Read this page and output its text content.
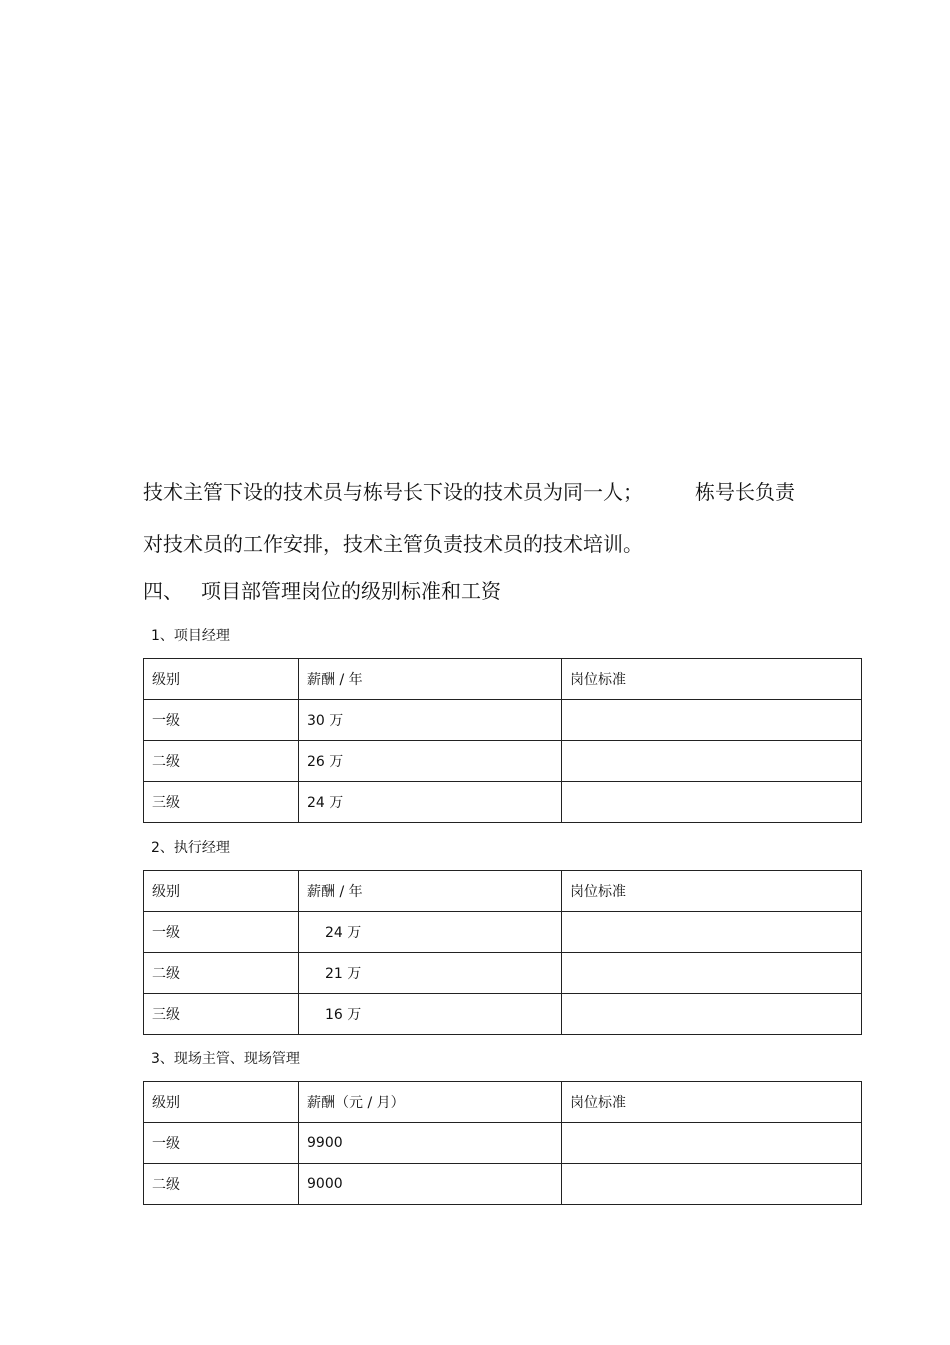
技术主管下设的技术员与栋号长下设的技术员为同一人；	栋号长负责
对技术员的工作安排，技术主管负责技术员的技术培训。
四、 项目部管理岗位的级别标准和工资
1、项目经理
级别	薪酬 / 年	岗位标准
一级	30 万	
二级	26 万	
三级	24 万	
2、执行经理
级别	薪酬 / 年	岗位标准
一级	24 万	
二级	21 万	
三级	16 万	
3、现场主管、现场管理
级别	薪酬（元 / 月）	岗位标准
一级	9900	
二级	9000	
